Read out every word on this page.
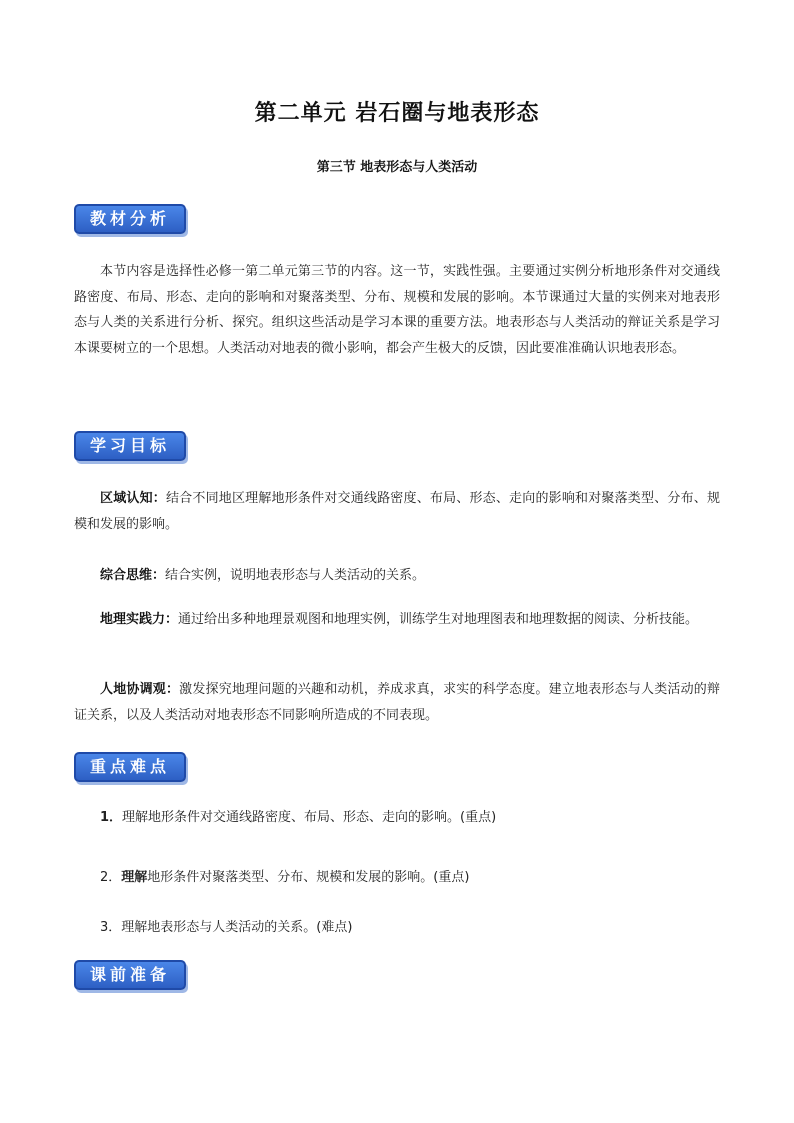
第二单元 岩石圈与地表形态
第三节 地表形态与人类活动
教材分析

本节内容是选择性必修一第二单元第三节的内容。这一节，实践性强。主要通过实例分析地形条件对交通线路密度、布局、形态、走向的影响和对聚落类型、分布、规模和发展的影响。本节课通过大量的实例来对地表形态与人类的关系进行分析、探究。组织这些活动是学习本课的重要方法。地表形态与人类活动的辩证关系是学习本课要树立的一个思想。人类活动对地表的微小影响，都会产生极大的反馈，因此要准准确认识地表形态。

学习目标

区域认知：结合不同地区理解地形条件对交通线路密度、布局、形态、走向的影响和对聚落类型、分布、规模和发展的影响。

综合思维：结合实例，说明地表形态与人类活动的关系。

地理实践力：通过给出多种地理景观图和地理实例，训练学生对地理图表和地理数据的阅读、分析技能。

人地协调观：激发探究地理问题的兴趣和动机，养成求真，求实的科学态度。建立地表形态与人类活动的辩证关系，以及人类活动对地表形态不同影响所造成的不同表现。

重点难点

1．理解地形条件对交通线路密度、布局、形态、走向的影响。(重点)

2．理解地形条件对聚落类型、分布、规模和发展的影响。(重点)

3．理解地表形态与人类活动的关系。(难点)

课前准备
